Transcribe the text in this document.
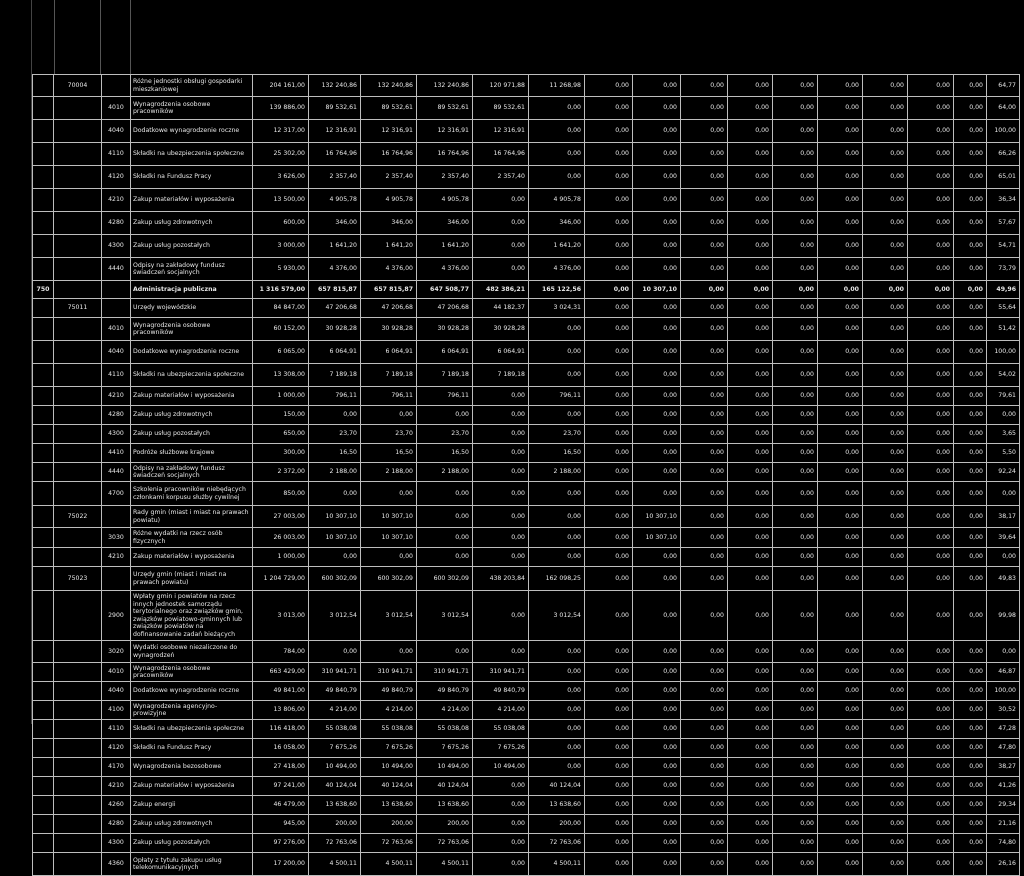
	70004		Różne jednostki obsługi gospodarki mieszkaniowej	204 161,00	132 240,86	132 240,86	132 240,86	120 971,88	11 268,98	0,00	0,00	0,00	0,00	0,00	0,00	0,00	0,00	0,00	64,77
		4010	Wynagrodzenia osobowe pracowników	139 886,00	89 532,61	89 532,61	89 532,61	89 532,61	0,00	0,00	0,00	0,00	0,00	0,00	0,00	0,00	0,00	0,00	64,00
		4040	Dodatkowe wynagrodzenie roczne	12 317,00	12 316,91	12 316,91	12 316,91	12 316,91	0,00	0,00	0,00	0,00	0,00	0,00	0,00	0,00	0,00	0,00	100,00
		4110	Składki na ubezpieczenia społeczne	25 302,00	16 764,96	16 764,96	16 764,96	16 764,96	0,00	0,00	0,00	0,00	0,00	0,00	0,00	0,00	0,00	0,00	66,26
		4120	Składki na Fundusz Pracy	3 626,00	2 357,40	2 357,40	2 357,40	2 357,40	0,00	0,00	0,00	0,00	0,00	0,00	0,00	0,00	0,00	0,00	65,01
		4210	Zakup materiałów i wyposażenia	13 500,00	4 905,78	4 905,78	4 905,78	0,00	4 905,78	0,00	0,00	0,00	0,00	0,00	0,00	0,00	0,00	0,00	36,34
		4280	Zakup usług zdrowotnych	600,00	346,00	346,00	346,00	0,00	346,00	0,00	0,00	0,00	0,00	0,00	0,00	0,00	0,00	0,00	57,67
		4300	Zakup usług pozostałych	3 000,00	1 641,20	1 641,20	1 641,20	0,00	1 641,20	0,00	0,00	0,00	0,00	0,00	0,00	0,00	0,00	0,00	54,71
		4440	Odpisy na zakładowy fundusz świadczeń socjalnych	5 930,00	4 376,00	4 376,00	4 376,00	0,00	4 376,00	0,00	0,00	0,00	0,00	0,00	0,00	0,00	0,00	0,00	73,79
750			Administracja publiczna	1 316 579,00	657 815,87	657 815,87	647 508,77	482 386,21	165 122,56	0,00	10 307,10	0,00	0,00	0,00	0,00	0,00	0,00	0,00	49,96
	75011		Urzędy wojewódzkie	84 847,00	47 206,68	47 206,68	47 206,68	44 182,37	3 024,31	0,00	0,00	0,00	0,00	0,00	0,00	0,00	0,00	0,00	55,64
		4010	Wynagrodzenia osobowe pracowników	60 152,00	30 928,28	30 928,28	30 928,28	30 928,28	0,00	0,00	0,00	0,00	0,00	0,00	0,00	0,00	0,00	0,00	51,42
		4040	Dodatkowe wynagrodzenie roczne	6 065,00	6 064,91	6 064,91	6 064,91	6 064,91	0,00	0,00	0,00	0,00	0,00	0,00	0,00	0,00	0,00	0,00	100,00
		4110	Składki na ubezpieczenia społeczne	13 308,00	7 189,18	7 189,18	7 189,18	7 189,18	0,00	0,00	0,00	0,00	0,00	0,00	0,00	0,00	0,00	0,00	54,02
		4210	Zakup materiałów i wyposażenia	1 000,00	796,11	796,11	796,11	0,00	796,11	0,00	0,00	0,00	0,00	0,00	0,00	0,00	0,00	0,00	79,61
		4280	Zakup usług zdrowotnych	150,00	0,00	0,00	0,00	0,00	0,00	0,00	0,00	0,00	0,00	0,00	0,00	0,00	0,00	0,00	0,00
		4300	Zakup usług pozostałych	650,00	23,70	23,70	23,70	0,00	23,70	0,00	0,00	0,00	0,00	0,00	0,00	0,00	0,00	0,00	3,65
		4410	Podróże służbowe krajowe	300,00	16,50	16,50	16,50	0,00	16,50	0,00	0,00	0,00	0,00	0,00	0,00	0,00	0,00	0,00	5,50
		4440	Odpisy na zakładowy fundusz świadczeń socjalnych	2 372,00	2 188,00	2 188,00	2 188,00	0,00	2 188,00	0,00	0,00	0,00	0,00	0,00	0,00	0,00	0,00	0,00	92,24
		4700	Szkolenia pracowników niebędących członkami korpusu służby cywilnej	850,00	0,00	0,00	0,00	0,00	0,00	0,00	0,00	0,00	0,00	0,00	0,00	0,00	0,00	0,00	0,00
	75022		Rady gmin (miast i miast na prawach powiatu)	27 003,00	10 307,10	10 307,10	0,00	0,00	0,00	0,00	10 307,10	0,00	0,00	0,00	0,00	0,00	0,00	0,00	38,17
		3030	Różne wydatki na rzecz osób fizycznych	26 003,00	10 307,10	10 307,10	0,00	0,00	0,00	0,00	10 307,10	0,00	0,00	0,00	0,00	0,00	0,00	0,00	39,64
		4210	Zakup materiałów i wyposażenia	1 000,00	0,00	0,00	0,00	0,00	0,00	0,00	0,00	0,00	0,00	0,00	0,00	0,00	0,00	0,00	0,00
	75023		Urzędy gmin (miast i miast na prawach powiatu)	1 204 729,00	600 302,09	600 302,09	600 302,09	438 203,84	162 098,25	0,00	0,00	0,00	0,00	0,00	0,00	0,00	0,00	0,00	49,83
		2900	Wpłaty gmin i powiatów na rzecz innych jednostek samorządu terytorialnego oraz związków gmin, związków powiatowo-gminnych lub związków powiatów na dofinansowanie zadań bieżących	3 013,00	3 012,54	3 012,54	3 012,54	0,00	3 012,54	0,00	0,00	0,00	0,00	0,00	0,00	0,00	0,00	0,00	99,98
		3020	Wydatki osobowe niezaliczone do wynagrodzeń	784,00	0,00	0,00	0,00	0,00	0,00	0,00	0,00	0,00	0,00	0,00	0,00	0,00	0,00	0,00	0,00
		4010	Wynagrodzenia osobowe pracowników	663 429,00	310 941,71	310 941,71	310 941,71	310 941,71	0,00	0,00	0,00	0,00	0,00	0,00	0,00	0,00	0,00	0,00	46,87
		4040	Dodatkowe wynagrodzenie roczne	49 841,00	49 840,79	49 840,79	49 840,79	49 840,79	0,00	0,00	0,00	0,00	0,00	0,00	0,00	0,00	0,00	0,00	100,00
		4100	Wynagrodzenia agencyjno-prowizyjne	13 806,00	4 214,00	4 214,00	4 214,00	4 214,00	0,00	0,00	0,00	0,00	0,00	0,00	0,00	0,00	0,00	0,00	30,52
		4110	Składki na ubezpieczenia społeczne	116 418,00	55 038,08	55 038,08	55 038,08	55 038,08	0,00	0,00	0,00	0,00	0,00	0,00	0,00	0,00	0,00	0,00	47,28
		4120	Składki na Fundusz Pracy	16 058,00	7 675,26	7 675,26	7 675,26	7 675,26	0,00	0,00	0,00	0,00	0,00	0,00	0,00	0,00	0,00	0,00	47,80
		4170	Wynagrodzenia bezosobowe	27 418,00	10 494,00	10 494,00	10 494,00	10 494,00	0,00	0,00	0,00	0,00	0,00	0,00	0,00	0,00	0,00	0,00	38,27
		4210	Zakup materiałów i wyposażenia	97 241,00	40 124,04	40 124,04	40 124,04	0,00	40 124,04	0,00	0,00	0,00	0,00	0,00	0,00	0,00	0,00	0,00	41,26
		4260	Zakup energii	46 479,00	13 638,60	13 638,60	13 638,60	0,00	13 638,60	0,00	0,00	0,00	0,00	0,00	0,00	0,00	0,00	0,00	29,34
		4280	Zakup usług zdrowotnych	945,00	200,00	200,00	200,00	0,00	200,00	0,00	0,00	0,00	0,00	0,00	0,00	0,00	0,00	0,00	21,16
		4300	Zakup usług pozostałych	97 276,00	72 763,06	72 763,06	72 763,06	0,00	72 763,06	0,00	0,00	0,00	0,00	0,00	0,00	0,00	0,00	0,00	74,80
		4360	Opłaty z tytułu zakupu usług telekomunikacyjnych	17 200,00	4 500,11	4 500,11	4 500,11	0,00	4 500,11	0,00	0,00	0,00	0,00	0,00	0,00	0,00	0,00	0,00	26,16
